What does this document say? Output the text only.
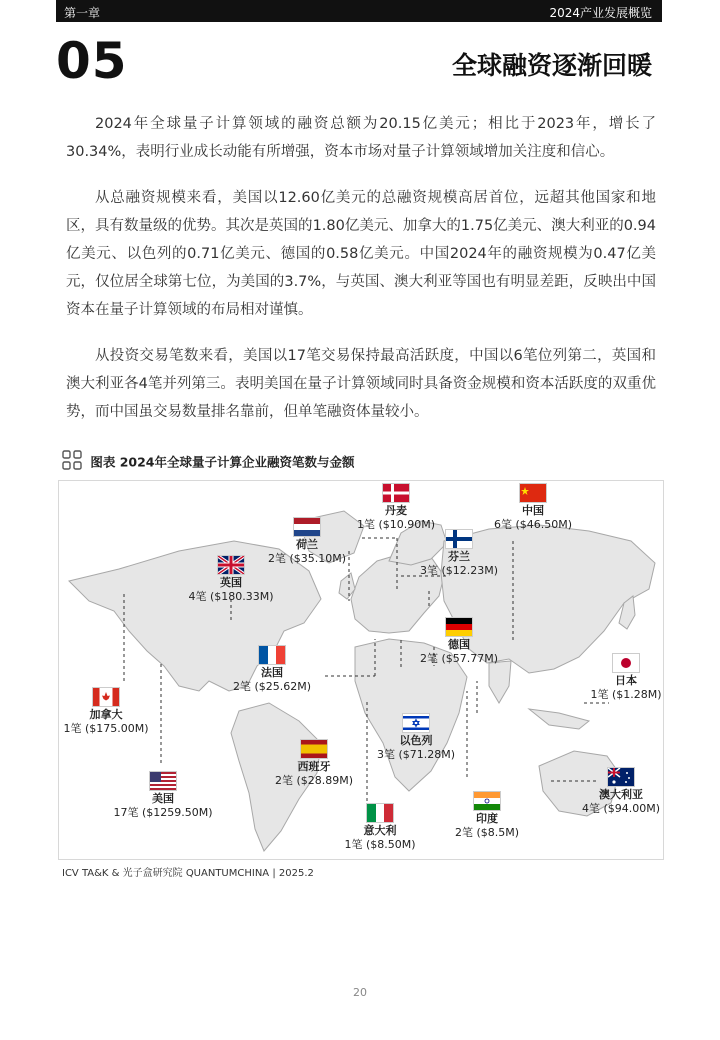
第一章	2024产业发展概览
05	全球融资逐渐回暖

2024年全球量子计算领域的融资总额为20.15亿美元；相比于2023年，增长了30.34%，表明行业成长动能有所增强，资本市场对量子计算领域增加关注度和信心。

从总融资规模来看，美国以12.60亿美元的总融资规模高居首位，远超其他国家和地区，具有数量级的优势。其次是英国的1.80亿美元、加拿大的1.75亿美元、澳大利亚的0.94亿美元、以色列的0.71亿美元、德国的0.58亿美元。中国2024年的融资规模为0.47亿美元，仅位居全球第七位，为美国的3.7%，与英国、澳大利亚等国也有明显差距，反映出中国资本在量子计算领域的布局相对谨慎。

从投资交易笔数来看，美国以17笔交易保持最高活跃度，中国以6笔位列第二，英国和澳大利亚各4笔并列第三。表明美国在量子计算领域同时具备资金规模和资本活跃度的双重优势，而中国虽交易数量排名靠前，但单笔融资体量较小。

图表 2024年全球量子计算企业融资笔数与金额
丹麦
1笔 ($10.90M)
中国
6笔 ($46.50M)
荷兰
2笔 ($35.10M)	芬兰
3笔 ($12.23M)
英国
4笔 ($180.33M)
德国
2笔 ($57.77M)
法国
2笔 ($25.62M)	日本
1笔 ($1.28M)
加拿大
1笔 ($175.00M)
以色列
3笔 ($71.28M)
西班牙
2笔 ($28.89M)
美国
17笔 ($1259.50M)
澳大利亚
4笔 ($94.00M)
印度
2笔 ($8.5M)
意大利
1笔 ($8.50M)
ICV TA&K & 光子盒研究院 QUANTUMCHINA | 2025.2
20
